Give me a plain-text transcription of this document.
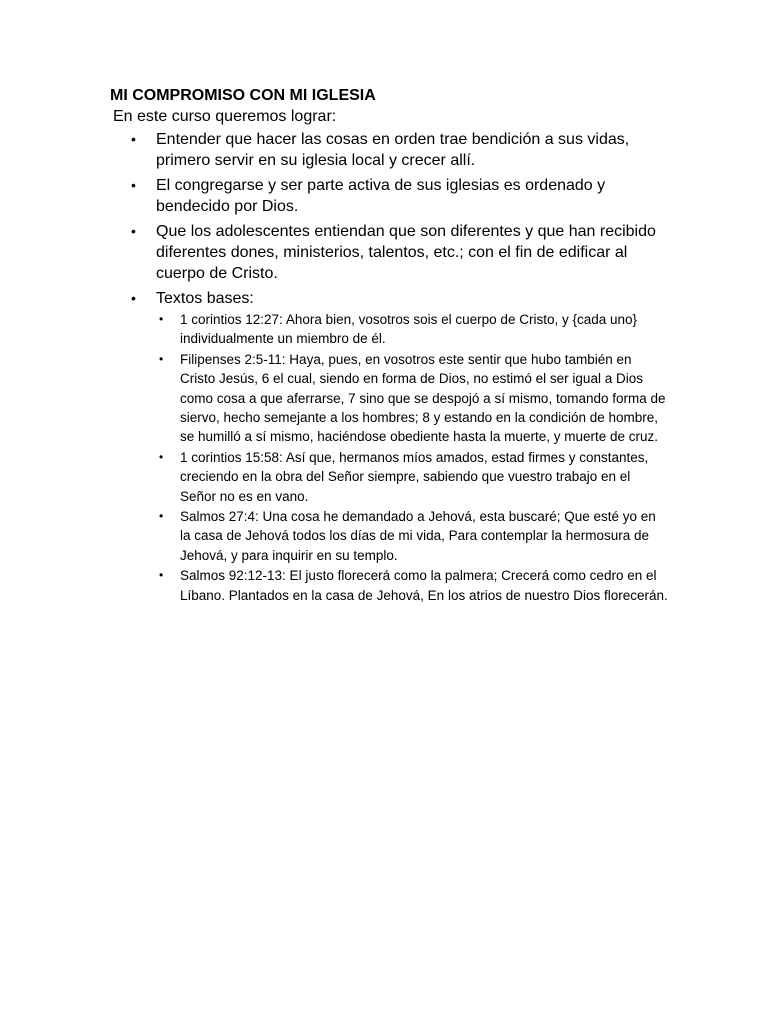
MI COMPROMISO CON MI IGLESIA

En este curso queremos lograr:

• Entender que hacer las cosas en orden trae bendición a sus vidas, primero servir en su iglesia local y crecer allí.
• El congregarse y ser parte activa de sus iglesias es ordenado y bendecido por Dios.
• Que los adolescentes entiendan que son diferentes y que han recibido diferentes dones, ministerios, talentos, etc.; con el fin de edificar al cuerpo de Cristo.
• Textos bases:
• 1 corintios 12:27: Ahora bien, vosotros sois el cuerpo de Cristo, y {cada uno} individualmente un miembro de él.
• Filipenses 2:5-11: Haya, pues, en vosotros este sentir que hubo también en Cristo Jesús, 6 el cual, siendo en forma de Dios, no estimó el ser igual a Dios como cosa a que aferrarse, 7 sino que se despojó a sí mismo, tomando forma de siervo, hecho semejante a los hombres; 8 y estando en la condición de hombre, se humilló a sí mismo, haciéndose obediente hasta la muerte, y muerte de cruz.
• 1 corintios 15:58: Así que, hermanos míos amados, estad firmes y constantes, creciendo en la obra del Señor siempre, sabiendo que vuestro trabajo en el Señor no es en vano.
• Salmos 27:4: Una cosa he demandado a Jehová, esta buscaré; Que esté yo en la casa de Jehová todos los días de mi vida, Para contemplar la hermosura de Jehová, y para inquirir en su templo.
• Salmos 92:12-13: El justo florecerá como la palmera; Crecerá como cedro en el Líbano. Plantados en la casa de Jehová, En los atrios de nuestro Dios florecerán.
